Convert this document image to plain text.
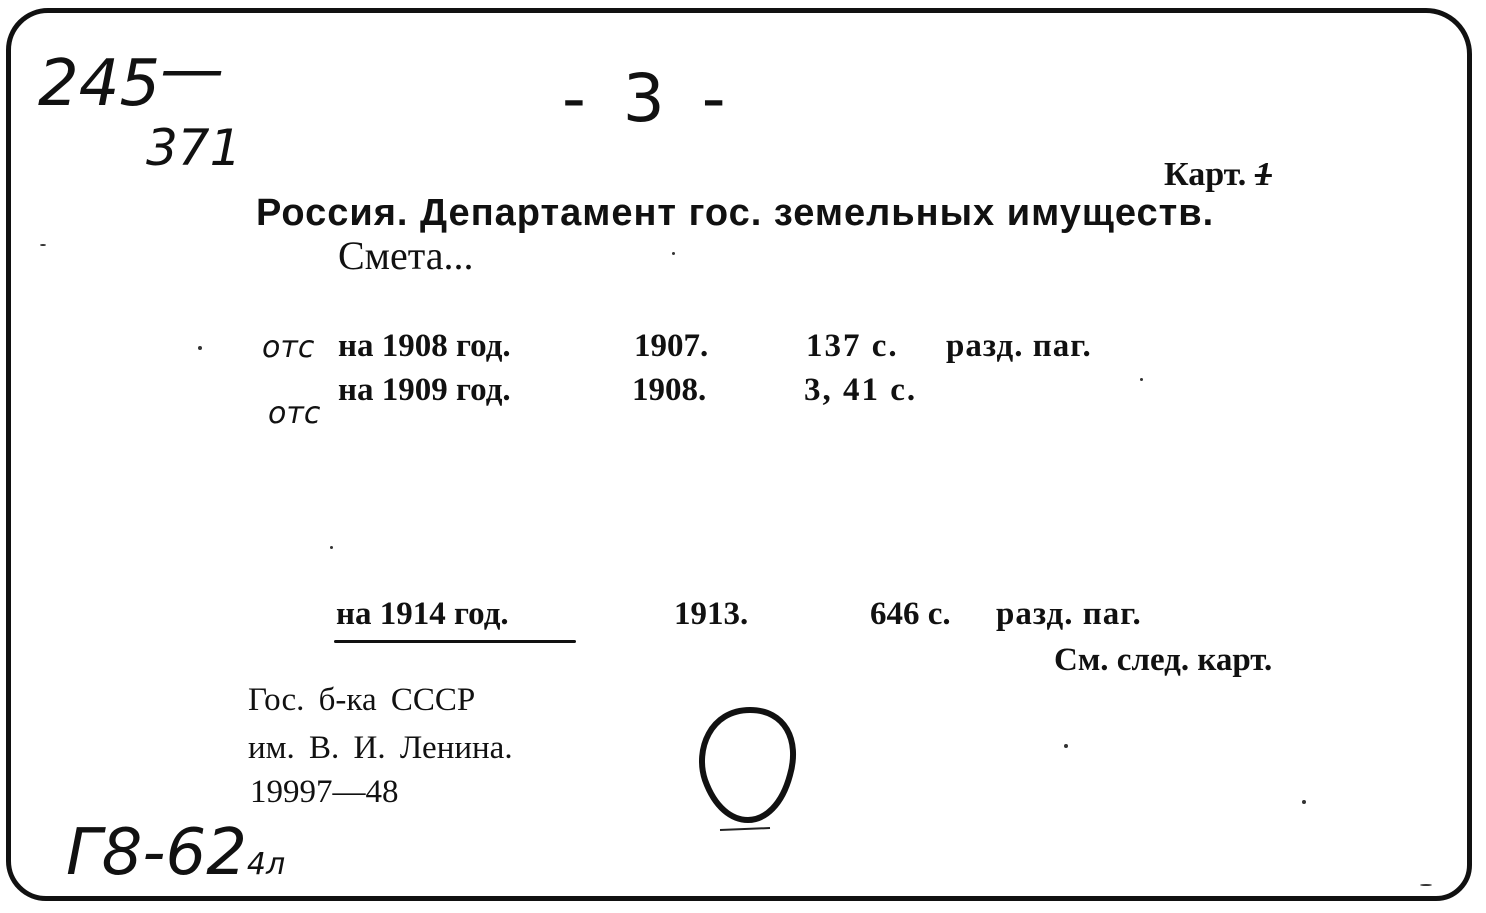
245—
371
- 3 -
Карт. 1
Россия. Департамент гос. земельных имуществ.
Смета...
отс на 1908 год.	1907.	137 с. разд. паг.
отс
на 1909 год.	1908.	3, 41 с.
на 1914 год.	1913.	646 с. разд. паг.
См. след. карт.
Гос. б-ка СССР
им. В. И. Ленина.
19997—48
Г8-624л
